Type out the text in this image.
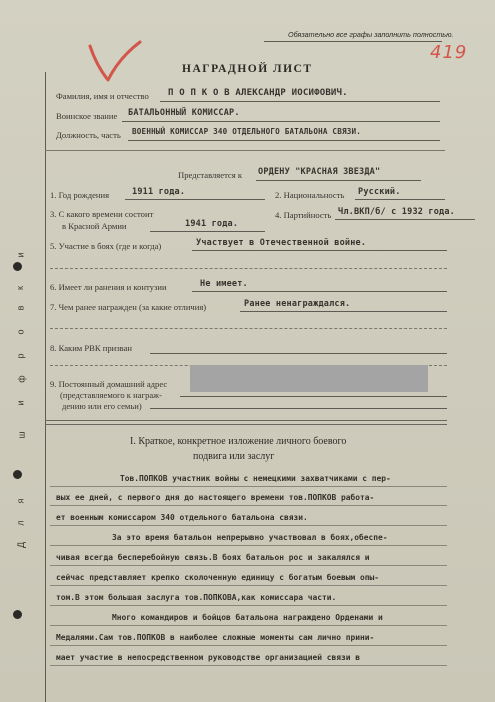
Обязательно все графы заполнить полностью.
419
НАГРАДНОЙ ЛИСТ
Фамилия, имя и отчество П О П К О В АЛЕКСАНДР ИОСИФОВИЧ.
Воинское звание БАТАЛЬОННЫЙ КОМИССАР.
Должность, часть ВОЕННЫЙ КОМИССАР 340 ОТДЕЛЬНОГО БАТАЛЬОНА СВЯЗИ.
Представляется к ОРДЕНУ "КРАСНАЯ ЗВЕЗДА"
1. Год рождения	1911 года.	2. Национальность Русский.
3. С какого времени состоит
в Красной Армии	1941 года.
4. Партийность Чл.ВКП/б/ с 1932 года.
5. Участие в боях (где и когда)	Участвует в Отечественной войне.
6. Имеет ли ранения и контузии	Не имеет.
7. Чем ранее награжден (за какие отличия)	Ранее ненаграждался.
8. Каким РВК призван
9. Постоянный домашний адрес
(представляемого к награж-
дению или его семьи)
I. Краткое, конкретное изложение личного боевого
подвига или заслуг
Тов.ПОПКОВ участник войны с немецкими захватчиками с пер-
вых ее дней, с первого дня до настоящего времени тов.ПОПКОВ работа-
ет военным комиссаром 340 отдельного батальона связи.
За это время батальон непрерывно участвовал в боях,обеспе-
чивая всегда бесперебойную связь.В боях батальон рос и закалялся и
сейчас представляет крепко сколоченную единицу с богатым боевым опы-
том.В этом большая заслуга тов.ПОПКОВА,как комиссара части.
Много командиров и бойцов батальона награждено Орденами и
Медалями.Сам тов.ПОПКОВ в наиболее сложные моменты сам лично прини-
мает участие в непосредственном руководстве организацией связи в
и
к
в
о
р
ф
и
ш
я
л
Д
